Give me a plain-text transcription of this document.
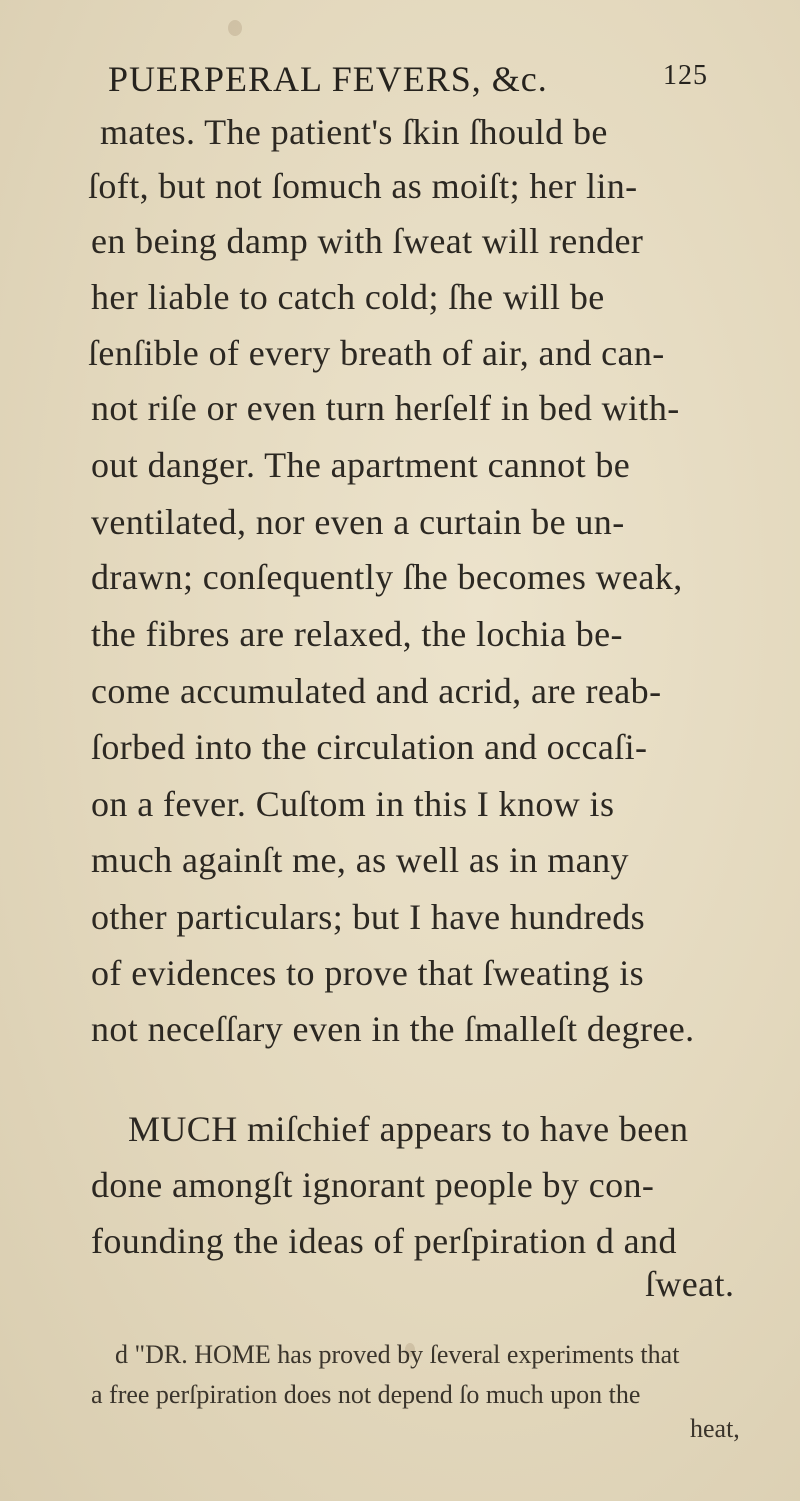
PUERPERAL FEVERS, &c.	125
mates. The patient's ſkin ſhould be
ſoft, but not ſomuch as moiſt; her lin-
en being damp with ſweat will render
her liable to catch cold; ſhe will be
ſenſible of every breath of air, and can-
not riſe or even turn herſelf in bed with-
out danger. The apartment cannot be
ventilated, nor even a curtain be un-
drawn; conſequently ſhe becomes weak,
the fibres are relaxed, the lochia be-
come accumulated and acrid, are reab-
ſorbed into the circulation and occaſi-
on a fever. Cuſtom in this I know is
much againſt me, as well as in many
other particulars; but I have hundreds
of evidences to prove that ſweating is
not neceſſary even in the ſmalleſt degree.
MUCH miſchief appears to have been
done amongſt ignorant people by con-
founding the ideas of perſpiration d and
ſweat.
d "DR. HOME has proved by ſeveral experiments that
a free perſpiration does not depend ſo much upon the
heat,
